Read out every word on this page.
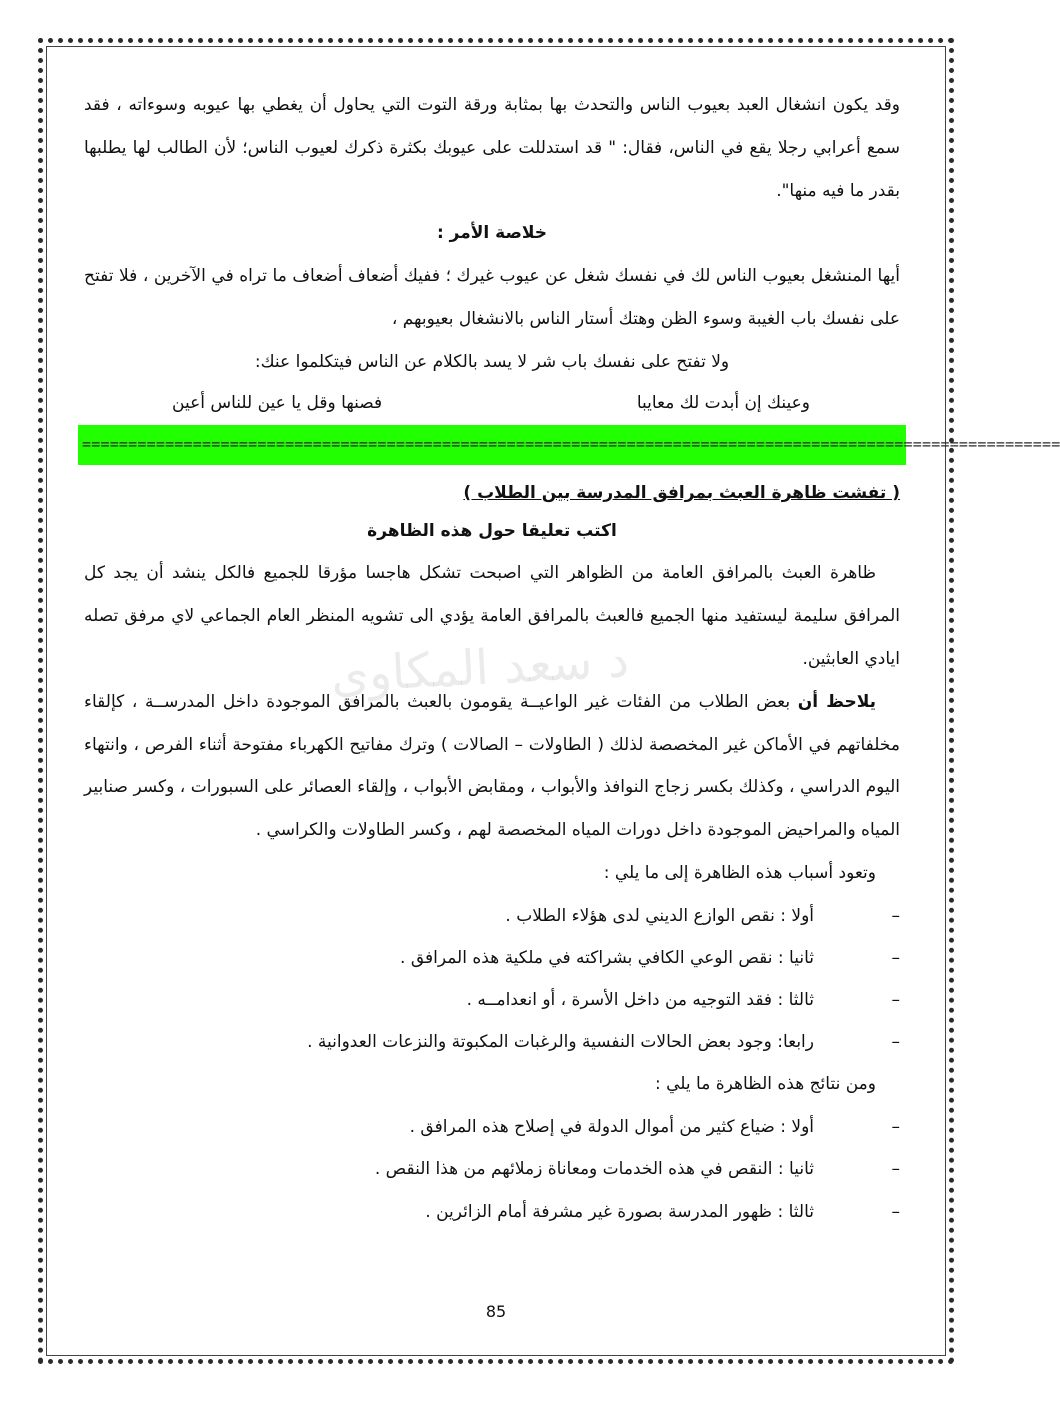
د سعد المكاوي

وقد يكون انشغال العبد بعيوب الناس والتحدث بها بمثابة ورقة التوت التي يحاول أن يغطي بها عيوبه وسوءاته ، فقد سمع أعرابي رجلا يقع في الناس، فقال: " قد استدللت على عيوبك بكثرة ذكرك لعيوب الناس؛ لأن الطالب لها يطلبها بقدر ما فيه منها".

خلاصة الأمر :

أيها المنشغل بعيوب الناس لك في نفسك شغل عن عيوب غيرك ؛ ففيك أضعاف أضعاف ما تراه في الآخرين ، فلا تفتح على نفسك باب الغيبة وسوء الظن وهتك أستار الناس بالانشغال بعيوبهم ،

ولا تفتح على نفسك باب شر لا يسد بالكلام عن الناس فيتكلموا عنك:

وعينك إن أبدت لك معايبا
فصنها وقل يا عين للناس أعين
==========================================================================================================

( تفشت ظاهرة العبث بمرافق المدرسة بين الطلاب )

اكتب تعليقا حول هذه الظاهرة

ظاهرة العبث بالمرافق العامة من الظواهر التي اصبحت تشكل هاجسا مؤرقا للجميع فالكل ينشد أن يجد كل المرافق سليمة ليستفيد منها الجميع فالعبث بالمرافق العامة يؤدي الى تشويه المنظر العام الجماعي لاي مرفق تصله ايادي العابثين.

يلاحظ أن بعض الطلاب من الفئات غير الواعيــة يقومون بالعبث بالمرافق الموجودة داخل المدرســة ، كإلقاء مخلفاتهم في الأماكن غير المخصصة لذلك ( الطاولات – الصالات ) وترك مفاتيح الكهرباء مفتوحة أثناء الفرص ، وانتهاء اليوم الدراسي ، وكذلك بكسر زجاج النوافذ والأبواب ، ومقابض الأبواب ، وإلقاء العصائر على السبورات ، وكسر صنابير المياه والمراحيض الموجودة داخل دورات المياه المخصصة لهم ، وكسر الطاولات والكراسي .

وتعود أسباب هذه الظاهرة إلى ما يلي :

–
أولا : نقص الوازع الديني لدى هؤلاء الطلاب .
–
ثانيا : نقص الوعي الكافي بشراكته في ملكية هذه المرافق .
–
ثالثا : فقد التوجيه من داخل الأسرة ، أو انعدامــه .
–
رابعا: وجود بعض الحالات النفسية والرغبات المكبوتة والنزعات العدوانية .

ومن نتائج هذه الظاهرة ما يلي :

–
أولا : ضياع كثير من أموال الدولة في إصلاح هذه المرافق .
–
ثانيا : النقص في هذه الخدمات ومعاناة زملائهم من هذا النقص .
–
ثالثا : ظهور المدرسة بصورة غير مشرفة أمام الزائرين .
85
